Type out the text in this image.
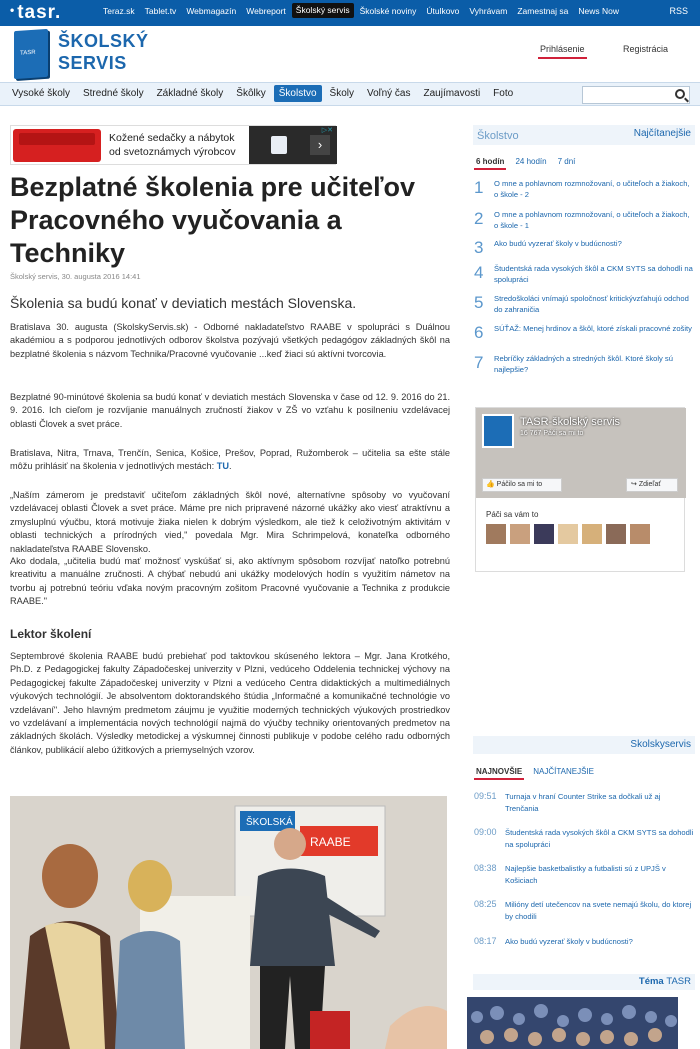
• tasr.	Teraz.sk Tablet.tv Webmagazín Webreport	Školský servis	Školské noviny Útulkovo Vyhrávam Zamestnaj sa News Now	RSS
TASR
ŠKOLSKÝ
SERVIS
Prihlásenie	Registrácia
Vysoké školy Stredné školy Základné školy Škôlky	Školstvo	Školy Voľný čas Zaujímavosti Foto
Kožené sedačky a nábytok
od svetoznámych výrobcov	›
▷✕
Bezplatné školenia pre učiteľov Pracovného vyučovania a Techniky
Školský servis, 30. augusta 2016 14:41
Školenia sa budú konať v deviatich mestách Slovenska.

Bratislava 30. augusta (SkolskyServis.sk) - Odborné nakladateľstvo RAABE v spolupráci s Duálnou akadémiou a s podporou jednotlivých odborov školstva pozývajú všetkých pedagógov základných škôl na bezplatné školenia s názvom Technika/Pracovné vyučovanie ...keď žiaci sú aktívni tvorcovia.

Bezplatné 90-minútové školenia sa budú konať v deviatich mestách Slovenska v čase od 12. 9. 2016 do 21. 9. 2016. Ich cieľom je rozvíjanie manuálnych zručností žiakov v ZŠ vo vzťahu k posilneniu vzdelávacej oblasti Človek a svet práce.

Bratislava, Nitra, Trnava, Trenčín, Senica, Košice, Prešov, Poprad, Ružomberok – učitelia sa ešte stále môžu prihlásiť na školenia v jednotlivých mestách: TU.

„Naším zámerom je predstaviť učiteľom základných škôl nové, alternatívne spôsoby vo vyučovaní vzdelávacej oblasti Človek a svet práce. Máme pre nich pripravené názorné ukážky ako viesť atraktívnu a zmysluplnú výučbu, ktorá motivuje žiaka nielen k dobrým výsledkom, ale tiež k celoživotným aktivitám v oblasti technických a prírodných vied," povedala Mgr. Mira Schrimpelová, konateľka odborného nakladateľstva RAABE Slovensko.

Ako dodala, „učitelia budú mať možnosť vyskúšať si, ako aktívnym spôsobom rozvíjať natoľko potrebnú kreativitu a manuálne zručnosti. A chýbať nebudú ani ukážky modelových hodín s využitím námetov na tvorbu aj potrebnú teóriu vďaka novým pracovným zošitom Pracovné vyučovanie a Technika z produkcie RAABE."

Lektor školení

Septembrové školenia RAABE budú prebiehať pod taktovkou skúseného lektora – Mgr. Jana Krotkého, Ph.D. z Pedagogickej fakulty Západočeskej univerzity v Plzni, vedúceho Oddelenia technickej výchovy na Pedagogickej fakulte Západočeskej univerzity v Plzni a vedúceho Centra didaktických a multimediálnych výukových technológií. Je absolventom doktorandského štúdia „Informačné a komunikačné technológie vo vzdelávaní". Jeho hlavným predmetom záujmu je využitie moderných technických výukových prostriedkov vo vzdelávaní a implementácia nových technológií najmä do výučby techniky orientovaných predmetov na základných školách. Výsledky metodickej a výskumnej činnosti publikuje v podobe celého radu odborných článkov, publikácií alebo úžitkových a priemyselných vzorov.

ŠKOLSKÁ
RAABE
Školstvo	Najčítanejšie
6 hodín 24 hodín 7 dní
1 O mne a pohlavnom rozmnožovaní, o učiteľoch a žiakoch, o škole - 2
2 O mne a pohlavnom rozmnožovaní, o učiteľoch a žiakoch, o škole - 1
3 Ako budú vyzerať školy v budúcnosti?
4 Študentská rada vysokých škôl a CKM SYTS sa dohodli na spolupráci
5 Stredoškoláci vnímajú spoločnosť kritickývzťahujú odchod do zahraničia
6 SÚŤAŽ: Menej hrdinov a škôl, ktoré získali pracovné zošity
7 Rebríčky základných a stredných škôl. Ktoré školy sú najlepšie?
TASR-školský servis
16 767 Páči sa mi to
👍 Páčilo sa mi to	↪ Zdieľať
Páči sa vám to
Skolskyservis
NAJNOVŠIE NAJČÍTANEJŠIE
09:51 Turnaja v hraní Counter Strike sa dočkali už aj Trenčania
09:00 Študentská rada vysokých škôl a CKM SYTS sa dohodli na spolupráci
08:38 Najlepšie basketbalistky a futbalisti sú z UPJŠ v Košiciach
08:25 Milióny detí utečencov na svete nemajú školu, do ktorej by chodili
08:17 Ako budú vyzerať školy v budúcnosti?
Téma TASR
